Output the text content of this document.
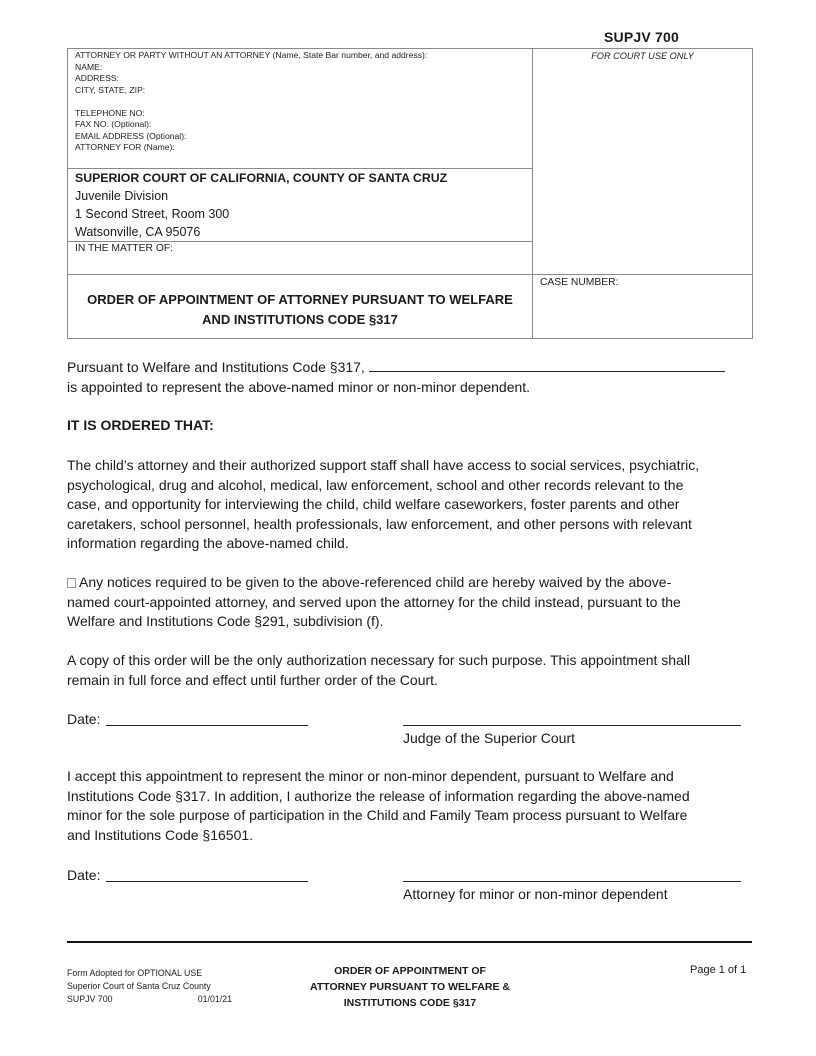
SUPJV 700
ATTORNEY OR PARTY WITHOUT AN ATTORNEY (Name, State Bar number, and address):
NAME:
ADDRESS:
CITY, STATE, ZIP:
TELEPHONE NO:
FAX NO. (Optional):
EMAIL ADDRESS (Optional):
ATTORNEY FOR (Name):
FOR COURT USE ONLY
SUPERIOR COURT OF CALIFORNIA, COUNTY OF SANTA CRUZ
Juvenile Division
1 Second Street, Room 300
Watsonville, CA 95076
IN THE MATTER OF:
CASE NUMBER:
ORDER OF APPOINTMENT OF ATTORNEY PURSUANT TO WELFARE
AND INSTITUTIONS CODE §317
Pursuant to Welfare and Institutions Code §317,
is appointed to represent the above-named minor or non-minor dependent.
IT IS ORDERED THAT:
The child’s attorney and their authorized support staff shall have access to social services, psychiatric,
psychological, drug and alcohol, medical, law enforcement, school and other records relevant to the
case, and opportunity for interviewing the child, child welfare caseworkers, foster parents and other
caretakers, school personnel, health professionals, law enforcement, and other persons with relevant
information regarding the above-named child.
Any notices required to be given to the above-referenced child are hereby waived by the above-
named court-appointed attorney, and served upon the attorney for the child instead, pursuant to the
Welfare and Institutions Code §291, subdivision (f).
A copy of this order will be the only authorization necessary for such purpose. This appointment shall
remain in full force and effect until further order of the Court.
Date:
Judge of the Superior Court
I accept this appointment to represent the minor or non-minor dependent, pursuant to Welfare and
Institutions Code §317. In addition, I authorize the release of information regarding the above-named
minor for the sole purpose of participation in the Child and Family Team process pursuant to Welfare
and Institutions Code §16501.
Date:
Attorney for minor or non-minor dependent
Form Adopted for OPTIONAL USE
Superior Court of Santa Cruz County
SUPJV 700	01/01/21
ORDER OF APPOINTMENT OF
ATTORNEY PURSUANT TO WELFARE &
INSTITUTIONS CODE §317
Page 1 of 1
